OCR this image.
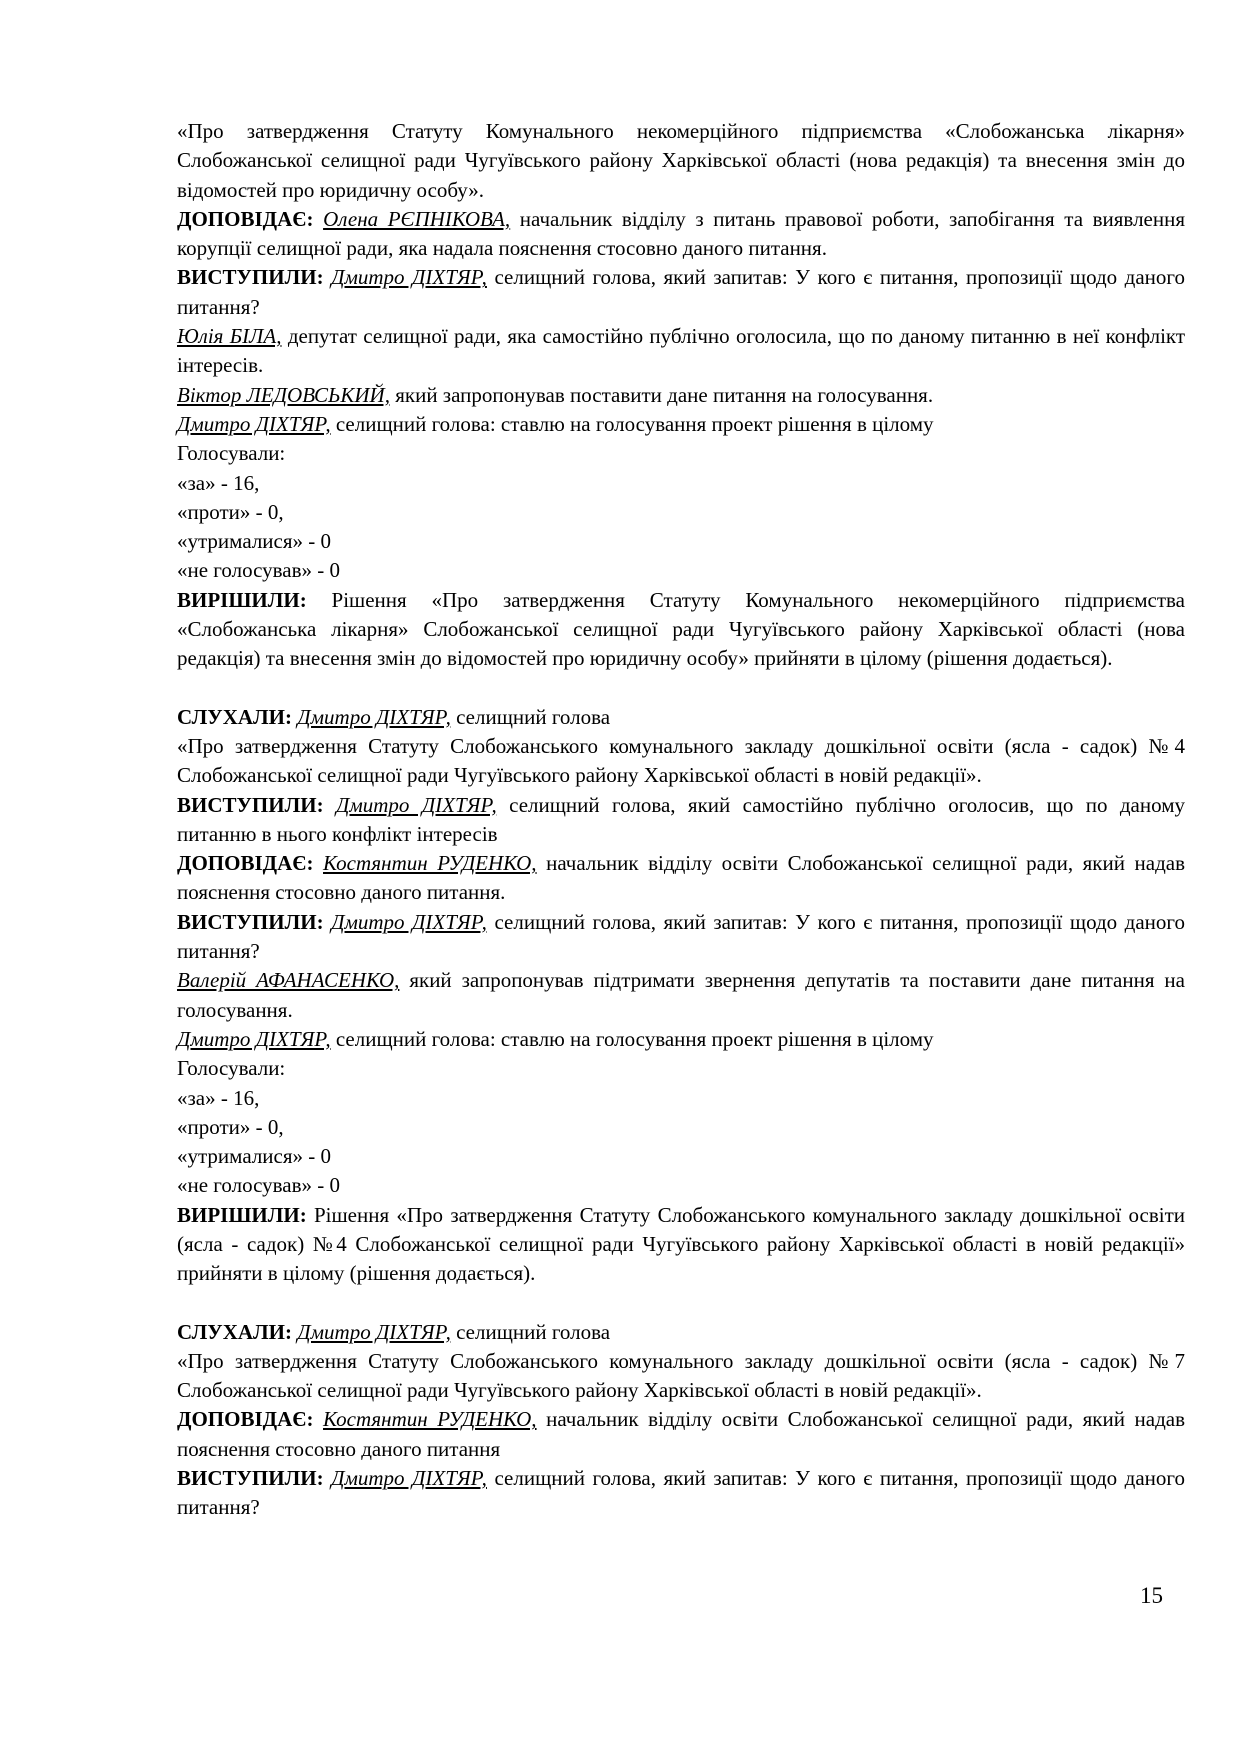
«Про затвердження Статуту Комунального некомерційного підприємства «Слобожанська лікарня» Слобожанської селищної ради Чугуївського району Харківської області (нова редакція) та внесення змін до відомостей про юридичну особу».

ДОПОВІДАЄ: Олена РЄПНІКОВА, начальник відділу з питань правової роботи, запобігання та виявлення корупції селищної ради, яка надала пояснення стосовно даного питання.

ВИСТУПИЛИ: Дмитро ДІХТЯР, селищний голова, який запитав: У кого є питання, пропозиції щодо даного питання?

Юлія БІЛА, депутат селищної ради, яка самостійно публічно оголосила, що по даному питанню в неї конфлікт інтересів.

Віктор ЛЕДОВСЬКИЙ, який запропонував поставити дане питання на голосування.

Дмитро ДІХТЯР, селищний голова: ставлю на голосування проект рішення в цілому

Голосували:

«за» - 16,

«проти» - 0,

«утрималися» - 0

«не голосував» - 0

ВИРІШИЛИ: Рішення «Про затвердження Статуту Комунального некомерційного підприємства «Слобожанська лікарня» Слобожанської селищної ради Чугуївського району Харківської області (нова редакція) та внесення змін до відомостей про юридичну особу» прийняти в цілому (рішення додається).

СЛУХАЛИ: Дмитро ДІХТЯР, селищний голова

«Про затвердження Статуту Слобожанського комунального закладу дошкільної освіти (ясла - садок) №4 Слобожанської селищної ради Чугуївського району Харківської області в новій редакції».

ВИСТУПИЛИ: Дмитро ДІХТЯР, селищний голова, який самостійно публічно оголосив, що по даному питанню в нього конфлікт інтересів

ДОПОВІДАЄ: Костянтин РУДЕНКО, начальник відділу освіти Слобожанської селищної ради, який надав пояснення стосовно даного питання.

ВИСТУПИЛИ: Дмитро ДІХТЯР, селищний голова, який запитав: У кого є питання, пропозиції щодо даного питання?

Валерій АФАНАСЕНКО, який запропонував підтримати звернення депутатів та поставити дане питання на голосування.

Дмитро ДІХТЯР, селищний голова: ставлю на голосування проект рішення в цілому

Голосували:

«за» - 16,

«проти» - 0,

«утрималися» - 0

«не голосував» - 0

ВИРІШИЛИ: Рішення «Про затвердження Статуту Слобожанського комунального закладу дошкільної освіти (ясла - садок) №4 Слобожанської селищної ради Чугуївського району Харківської області в новій редакції» прийняти в цілому (рішення додається).

СЛУХАЛИ: Дмитро ДІХТЯР, селищний голова

«Про затвердження Статуту Слобожанського комунального закладу дошкільної освіти (ясла - садок) №7 Слобожанської селищної ради Чугуївського району Харківської області в новій редакції».

ДОПОВІДАЄ: Костянтин РУДЕНКО, начальник відділу освіти Слобожанської селищної ради, який надав пояснення стосовно даного питання

ВИСТУПИЛИ: Дмитро ДІХТЯР, селищний голова, який запитав: У кого є питання, пропозиції щодо даного питання?

15
